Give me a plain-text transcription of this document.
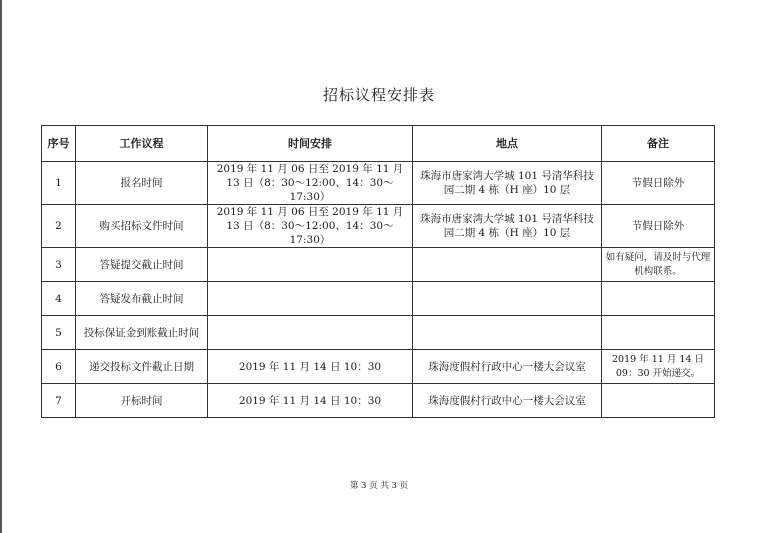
招标议程安排表
序号	工作议程	时间安排	地点	备注
1	报名时间	2019 年 11 月 06 日至 2019 年 11 月 13 日（8：30～12:00、14：30～17:30）	珠海市唐家湾大学城 101 号清华科技园二期 4 栋（H 座）10 层	节假日除外
2	购买招标文件时间	2019 年 11 月 06 日至 2019 年 11 月 13 日（8：30～12:00、14：30～17:30）	珠海市唐家湾大学城 101 号清华科技园二期 4 栋（H 座）10 层	节假日除外
3	答疑提交截止时间			如有疑问，请及时与代理机构联系。
4	答疑发布截止时间			
5	投标保证金到账截止时间			
6	递交投标文件截止日期	2019 年 11 月 14 日 10：30	珠海度假村行政中心一楼大会议室	2019 年 11 月 14 日 09：30 开始递交。
7	开标时间	2019 年 11 月 14 日 10：30	珠海度假村行政中心一楼大会议室	
第 3 页 共 3 页
